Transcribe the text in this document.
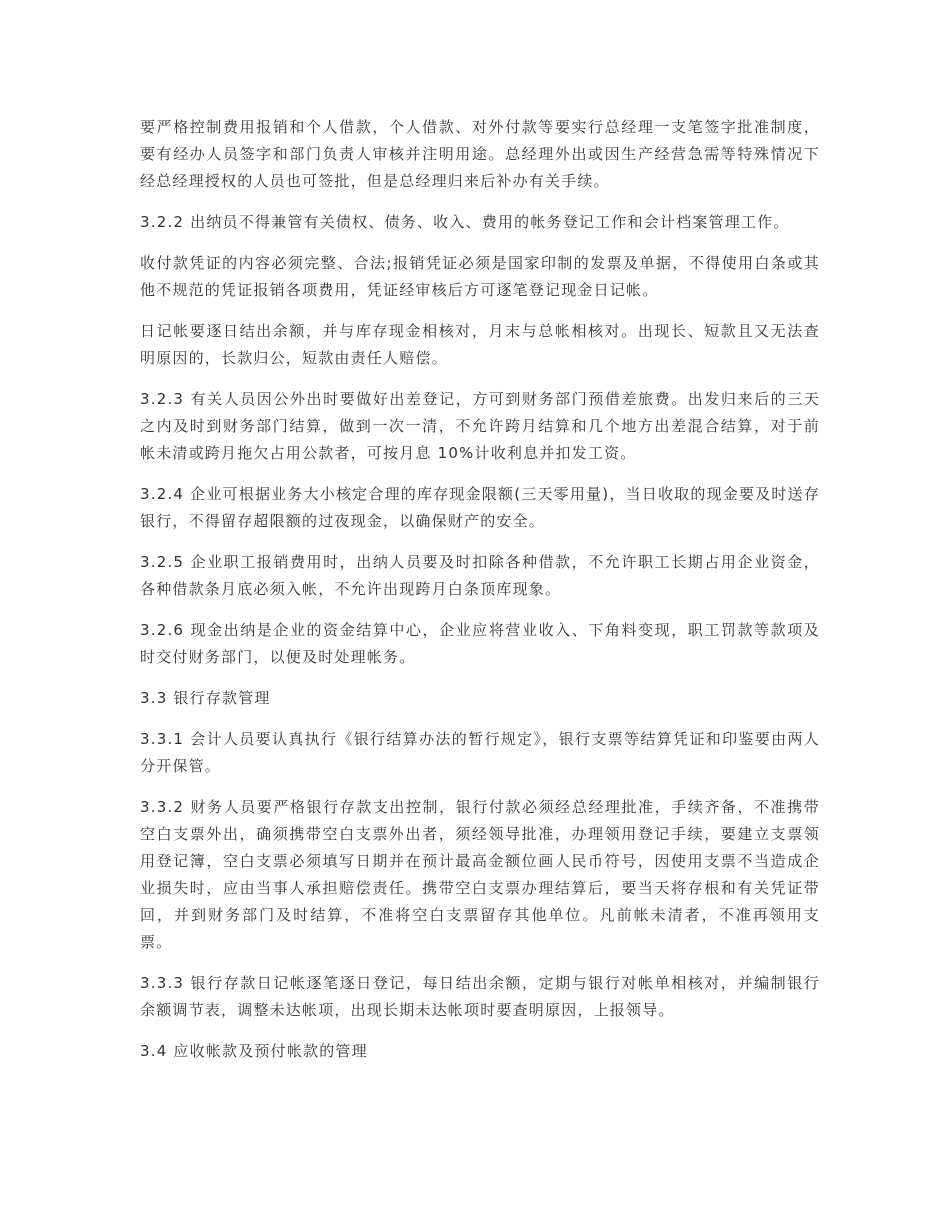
要严格控制费用报销和个人借款，个人借款、对外付款等要实行总经理一支笔签字批准制度，要有经办人员签字和部门负责人审核并注明用途。总经理外出或因生产经营急需等特殊情况下经总经理授权的人员也可签批，但是总经理归来后补办有关手续。

3.2.2 出纳员不得兼管有关债权、债务、收入、费用的帐务登记工作和会计档案管理工作。

收付款凭证的内容必须完整、合法;报销凭证必须是国家印制的发票及单据，不得使用白条或其他不规范的凭证报销各项费用，凭证经审核后方可逐笔登记现金日记帐。

日记帐要逐日结出余额，并与库存现金相核对，月末与总帐相核对。出现长、短款且又无法查明原因的，长款归公，短款由责任人赔偿。

3.2.3 有关人员因公外出时要做好出差登记，方可到财务部门预借差旅费。出发归来后的三天之内及时到财务部门结算，做到一次一清，不允许跨月结算和几个地方出差混合结算，对于前帐未清或跨月拖欠占用公款者，可按月息 10%计收利息并扣发工资。

3.2.4 企业可根据业务大小核定合理的库存现金限额(三天零用量)，当日收取的现金要及时送存银行，不得留存超限额的过夜现金，以确保财产的安全。

3.2.5 企业职工报销费用时，出纳人员要及时扣除各种借款，不允许职工长期占用企业资金，各种借款条月底必须入帐，不允许出现跨月白条顶库现象。

3.2.6 现金出纳是企业的资金结算中心，企业应将营业收入、下角料变现，职工罚款等款项及时交付财务部门，以便及时处理帐务。

3.3 银行存款管理

3.3.1 会计人员要认真执行《银行结算办法的暂行规定》，银行支票等结算凭证和印鉴要由两人分开保管。

3.3.2 财务人员要严格银行存款支出控制，银行付款必须经总经理批准，手续齐备，不准携带空白支票外出，确须携带空白支票外出者，须经领导批准，办理领用登记手续，要建立支票领用登记簿，空白支票必须填写日期并在预计最高金额位画人民币符号，因使用支票不当造成企业损失时，应由当事人承担赔偿责任。携带空白支票办理结算后，要当天将存根和有关凭证带回，并到财务部门及时结算，不准将空白支票留存其他单位。凡前帐未清者，不准再领用支票。

3.3.3 银行存款日记帐逐笔逐日登记，每日结出余额，定期与银行对帐单相核对，并编制银行余额调节表，调整未达帐项，出现长期未达帐项时要查明原因，上报领导。

3.4 应收帐款及预付帐款的管理
